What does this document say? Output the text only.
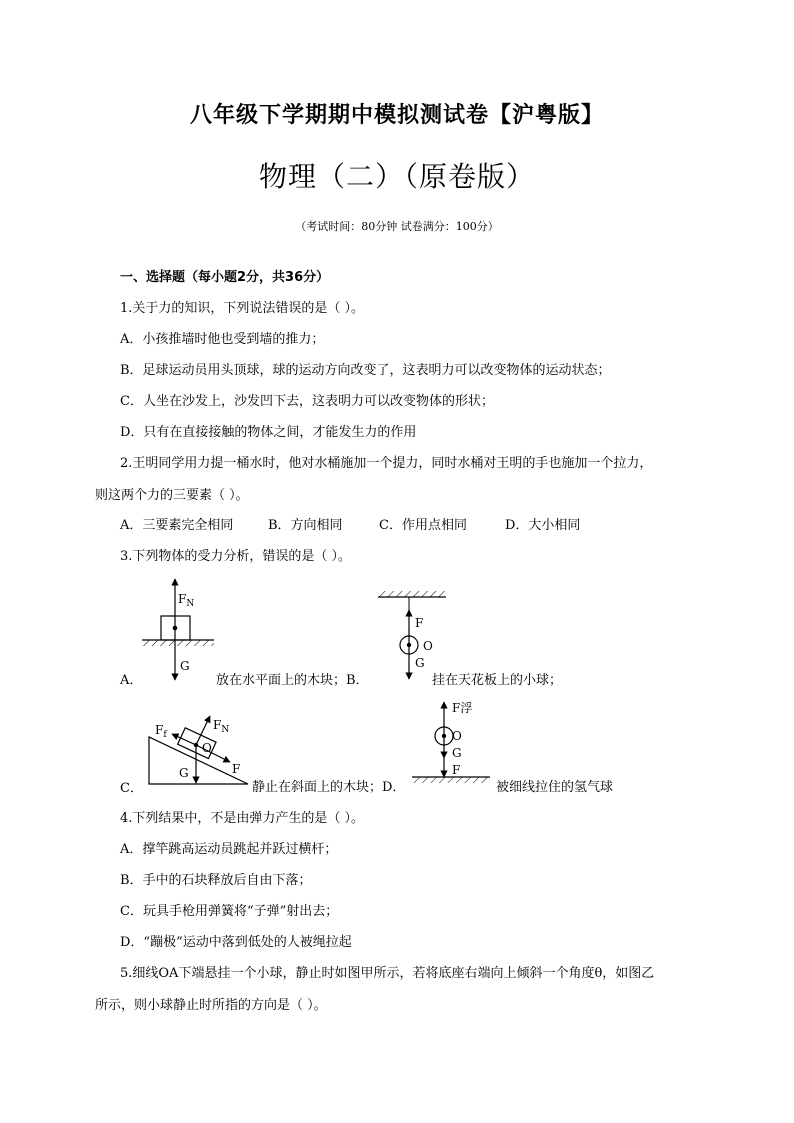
八年级下学期期中模拟测试卷【沪粤版】
物理（二）（原卷版）
（考试时间：80分钟 试卷满分：100分）
一、选择题（每小题2分，共36分）
1.关于力的知识，下列说法错误的是（ ）。
A．小孩推墙时他也受到墙的推力；
B．足球运动员用头顶球，球的运动方向改变了，这表明力可以改变物体的运动状态；
C．人坐在沙发上，沙发凹下去，这表明力可以改变物体的形状；
D．只有在直接接触的物体之间，才能发生力的作用
2.王明同学用力提一桶水时，他对水桶施加一个提力，同时水桶对王明的手也施加一个拉力，
则这两个力的三要素（ ）。
A．三要素完全相同	B．方向相同	C．作用点相同	D．大小相同
3.下列物体的受力分析，错误的是（ ）。
A．	放在水平面上的木块；B．	挂在天花板上的小球；
C．	静止在斜面上的木块；D．	被细线拉住的氢气球
4.下列结果中，不是由弹力产生的是（ ）。
A．撑竿跳高运动员跳起并跃过横杆；
B．手中的石块释放后自由下落；
C．玩具手枪用弹簧将“子弹”射出去；
D．“蹦极”运动中落到低处的人被绳拉起
5.细线OA下端悬挂一个小球，静止时如图甲所示，若将底座右端向上倾斜一个角度θ，如图乙
所示，则小球静止时所指的方向是（ ）。
$F_N$
G
F
O
G
$F_f$
$F_N$
O
G	F
F浮
O
G
F
